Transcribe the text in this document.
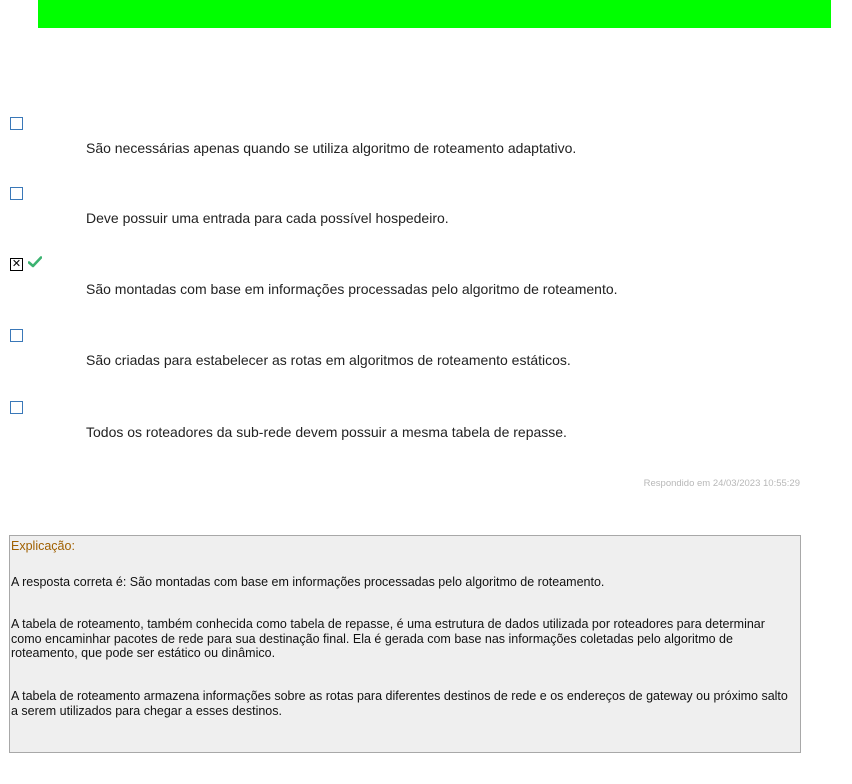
São necessárias apenas quando se utiliza algoritmo de roteamento adaptativo.
Deve possuir uma entrada para cada possível hospedeiro.
✕
São montadas com base em informações processadas pelo algoritmo de roteamento.
São criadas para estabelecer as rotas em algoritmos de roteamento estáticos.
Todos os roteadores da sub-rede devem possuir a mesma tabela de repasse.
Respondido em 24/03/2023 10:55:29
Explicação:

A resposta correta é: São montadas com base em informações processadas pelo algoritmo de roteamento.

A tabela de roteamento, também conhecida como tabela de repasse, é uma estrutura de dados utilizada por roteadores para determinar como encaminhar pacotes de rede para sua destinação final. Ela é gerada com base nas informações coletadas pelo algoritmo de roteamento, que pode ser estático ou dinâmico.

A tabela de roteamento armazena informações sobre as rotas para diferentes destinos de rede e os endereços de gateway ou próximo salto a serem utilizados para chegar a esses destinos.
